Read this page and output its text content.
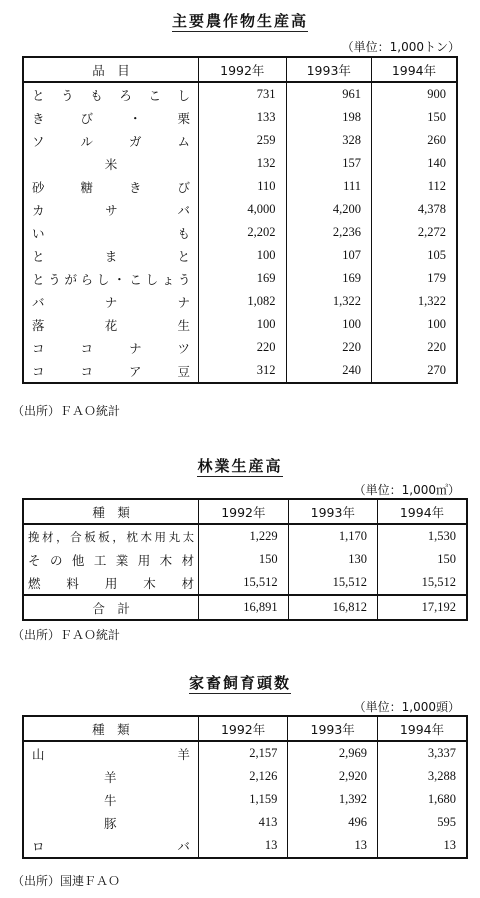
主要農作物生産高
（単位：1,000トン）
品　目	1992年	1993年	1994年
とうもろこし	731	961	900
きび・栗	133	198	150
ソルガム	259	328	260
米	132	157	140
砂糖きび	110	111	112
カサバ	4,000	4,200	4,378
いも	2,202	2,236	2,272
とまと	100	107	105
とうがらし・こしょう	169	169	179
バナナ	1,082	1,322	1,322
落花生	100	100	100
ココナツ	220	220	220
ココア豆	312	240	270
（出所）ＦＡＯ統計
林業生産高
（単位：1,000㎥）
種　類	1992年	1993年	1994年
挽材，合板板，枕木用丸太	1,229	1,170	1,530
その他工業用木材	150	130	150
燃料用木材	15,512	15,512	15,512
合　計	16,891	16,812	17,192
（出所）ＦＡＯ統計
家畜飼育頭数
（単位：1,000頭）
種　類	1992年	1993年	1994年
山羊	2,157	2,969	3,337
羊	2,126	2,920	3,288
牛	1,159	1,392	1,680
豚	413	496	595
ロバ	13	13	13
（出所）国連ＦＡＯ
